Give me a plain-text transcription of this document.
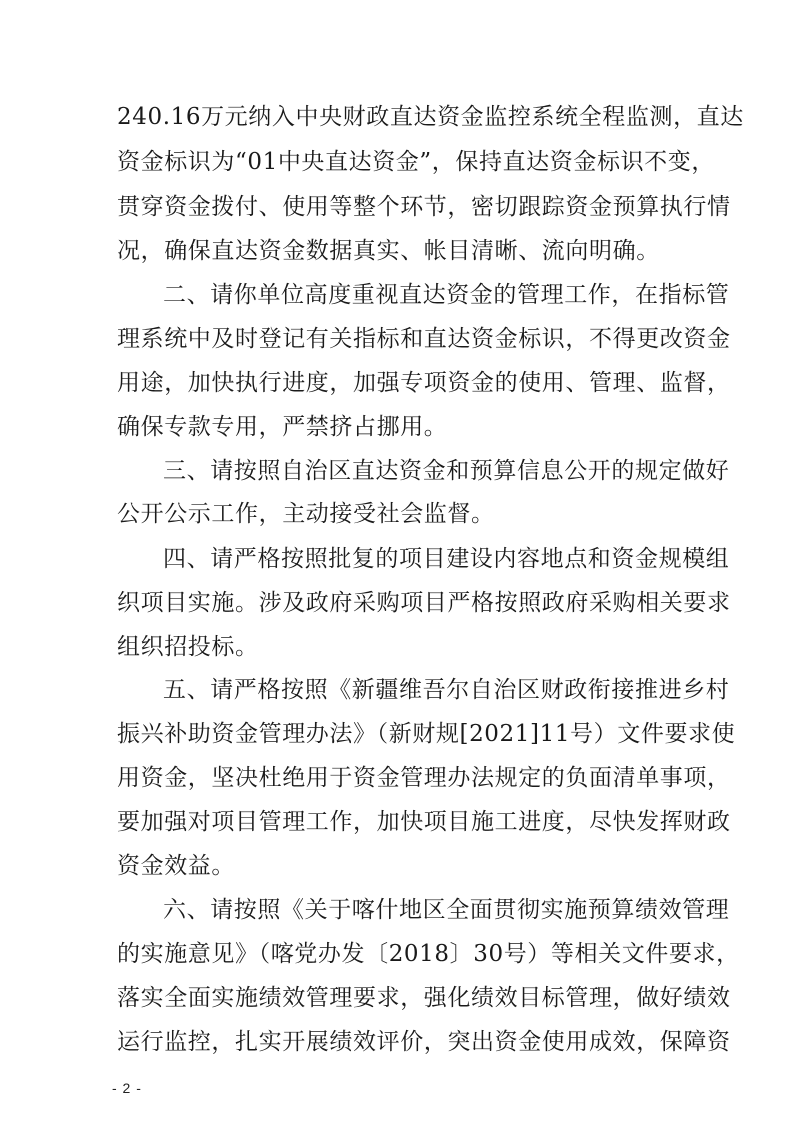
240.16万元纳入中央财政直达资金监控系统全程监测，直达
资金标识为“01中央直达资金”，保持直达资金标识不变，
贯穿资金拨付、使用等整个环节，密切跟踪资金预算执行情
况，确保直达资金数据真实、帐目清晰、流向明确。
二、请你单位高度重视直达资金的管理工作，在指标管
理系统中及时登记有关指标和直达资金标识，不得更改资金
用途，加快执行进度，加强专项资金的使用、管理、监督，
确保专款专用，严禁挤占挪用。
三、请按照自治区直达资金和预算信息公开的规定做好
公开公示工作，主动接受社会监督。
四、请严格按照批复的项目建设内容地点和资金规模组
织项目实施。涉及政府采购项目严格按照政府采购相关要求
组织招投标。
五、请严格按照《新疆维吾尔自治区财政衔接推进乡村
振兴补助资金管理办法》（新财规[2021]11号）文件要求使
用资金，坚决杜绝用于资金管理办法规定的负面清单事项，
要加强对项目管理工作，加快项目施工进度，尽快发挥财政
资金效益。
六、请按照《关于喀什地区全面贯彻实施预算绩效管理
的实施意见》（喀党办发〔2018〕30号）等相关文件要求，
落实全面实施绩效管理要求，强化绩效目标管理，做好绩效
运行监控，扎实开展绩效评价，突出资金使用成效，保障资
- 2 -
